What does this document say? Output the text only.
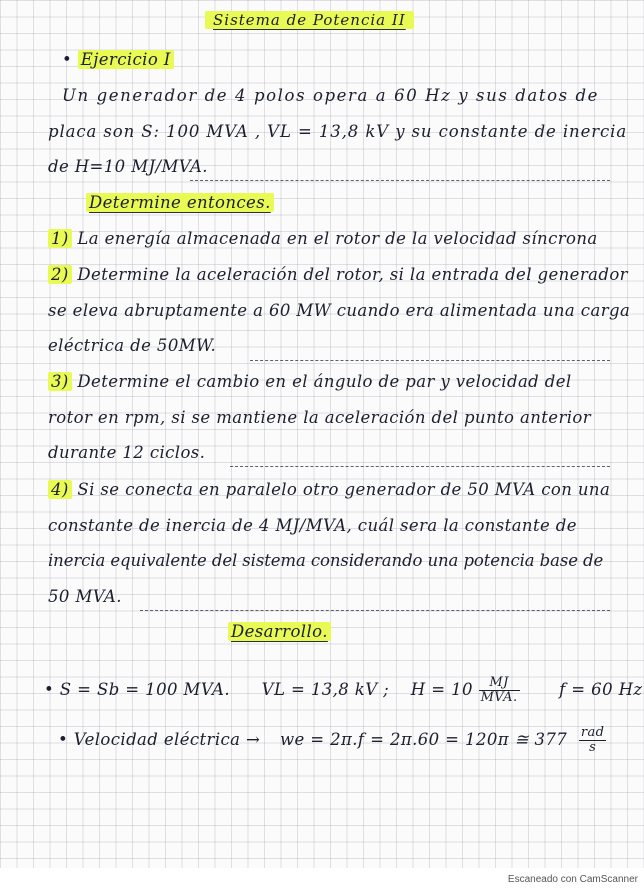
Sistema de Potencia II
• Ejercicio I
Un generador de 4 polos opera a 60 Hz y sus datos de
placa son S: 100 MVA , VL = 13,8 kV y su constante de inercia
de H=10 MJ/MVA.
Determine entonces.
1) La energía almacenada en el rotor de la velocidad síncrona
2) Determine la aceleración del rotor, si la entrada del generador
se eleva abruptamente a 60 MW cuando era alimentada una carga
eléctrica de 50MW.
3) Determine el cambio en el ángulo de par y velocidad del
rotor en rpm, si se mantiene la aceleración del punto anterior
durante 12 ciclos.
4) Si se conecta en paralelo otro generador de 50 MVA con una
constante de inercia de 4 MJ/MVA, cuál sera la constante de
inercia equivalente del sistema considerando una potencia base de
50 MVA.
Desarrollo.
• S = Sb = 100 MVA. VL = 13,8 kV ; $H = 10 \frac{MJ}{\text{MVA.}}$ f = 60 Hz
• Velocidad eléctrica → we = 2π.f = 2π.60 = 120π ≅ $377 \frac{\text{rad}}{s}$
Escaneado con CamScanner
